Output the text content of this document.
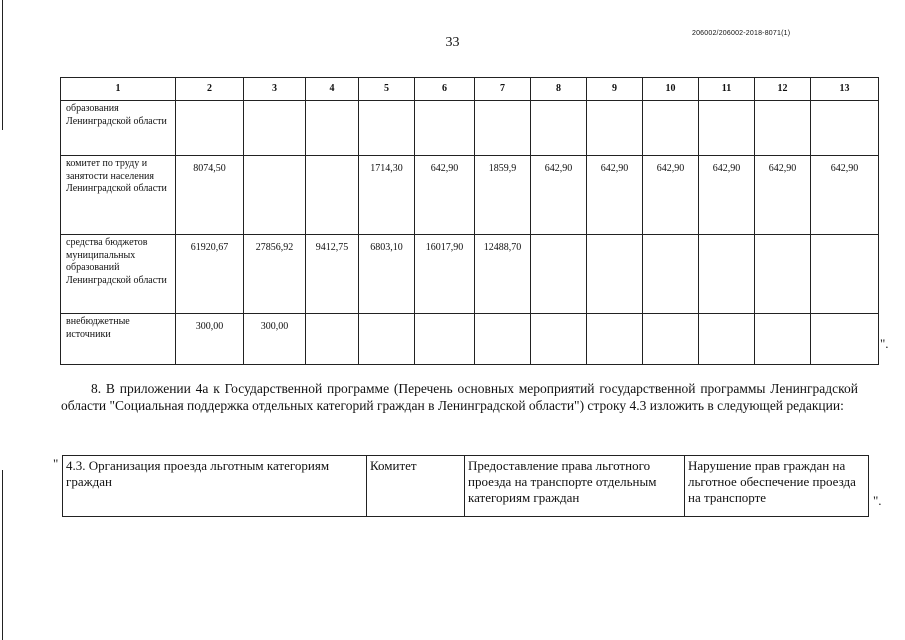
33
206002/206002-2018-8071(1)
1	2	3	4	5	6	7	8	9	10	11	12	13
образования Ленинградской области												
комитет по труду и занятости населения Ленинградской области	8074,50			1714,30	642,90	1859,9	642,90	642,90	642,90	642,90	642,90	642,90
средства бюджетов муниципальных образований Ленинградской области	61920,67	27856,92	9412,75	6803,10	16017,90	12488,70						
внебюджетные источники	300,00	300,00										
".
8. В приложении 4а к Государственной программе (Перечень основных мероприятий государственной программы Ленинградской области "Социальная поддержка отдельных категорий граждан в Ленинградской области") строку 4.3 изложить в следующей редакции:
" 4.3. Организация проезда льготным категориям граждан	Комитет	Предоставление права льготного проезда на транспорте отдельным категориям граждан	Нарушение прав граждан на льготное обеспечение проезда на транспорте	".
